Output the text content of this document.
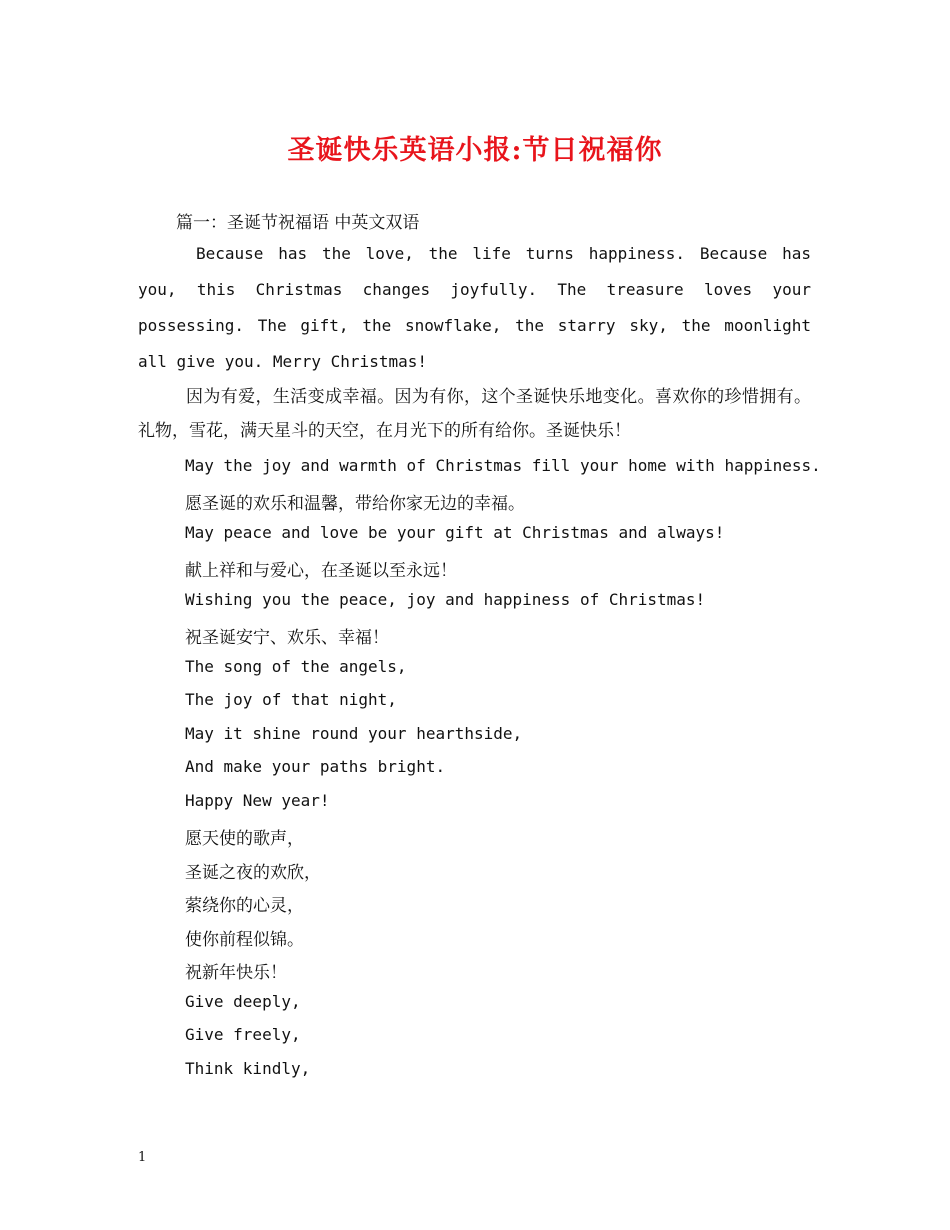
圣诞快乐英语小报:节日祝福你
篇一：圣诞节祝福语 中英文双语
Because has the love, the life turns happiness. Because has you, this Christmas changes joyfully. The treasure loves your possessing. The gift, the snowflake, the starry sky, the moonlight all give you. Merry Christmas!
因为有爱，生活变成幸福。因为有你，这个圣诞快乐地变化。喜欢你的珍惜拥有。礼物，雪花，满天星斗的天空，在月光下的所有给你。圣诞快乐！
May the joy and warmth of Christmas fill your home with happiness.
愿圣诞的欢乐和温馨，带给你家无边的幸福。
May peace and love be your gift at Christmas and always!
献上祥和与爱心，在圣诞以至永远！
Wishing you the peace, joy and happiness of Christmas!
祝圣诞安宁、欢乐、幸福！
The song of the angels,
The joy of that night,
May it shine round your hearthside,
And make your paths bright.
Happy New year!
愿天使的歌声，
圣诞之夜的欢欣，
萦绕你的心灵，
使你前程似锦。
祝新年快乐！
Give deeply,
Give freely,
Think kindly,
1
